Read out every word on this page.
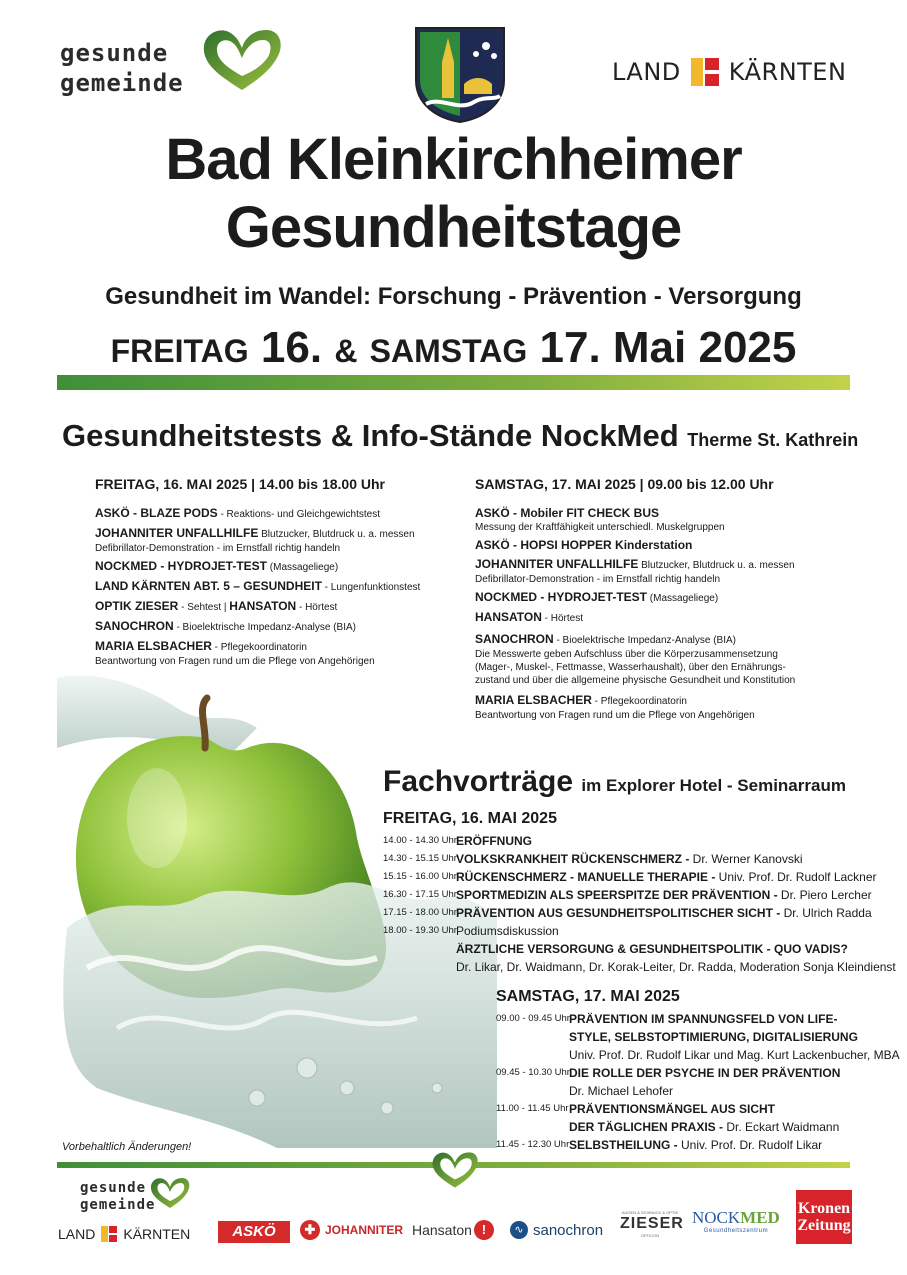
gesunde
gemeinde	LAND KÄRNTEN
Bad Kleinkirchheimer
Gesundheitstage
Gesundheit im Wandel: Forschung - Prävention - Versorgung
FREITAG 16. & SAMSTAG 17. Mai 2025
Gesundheitstests & Info-Stände NockMed Therme St. Kathrein
FREITAG, 16. MAI 2025 | 14.00 bis 18.00 Uhr
ASKÖ - BLAZE PODS - Reaktions- und Gleichgewichtstest
JOHANNITER UNFALLHILFE Blutzucker, Blutdruck u. a. messen
Defibrillator-Demonstration - im Ernstfall richtig handeln
NOCKMED - HYDROJET-TEST (Massageliege)
LAND KÄRNTEN ABT. 5 – GESUNDHEIT - Lungenfunktionstest
OPTIK ZIESER - Sehtest | HANSATON - Hörtest
SANOCHRON - Bioelektrische Impedanz-Analyse (BIA)
MARIA ELSBACHER - Pflegekoordinatorin
Beantwortung von Fragen rund um die Pflege von Angehörigen
SAMSTAG, 17. MAI 2025 | 09.00 bis 12.00 Uhr
ASKÖ - Mobiler FIT CHECK BUS
Messung der Kraftfähigkeit unterschiedl. Muskelgruppen
ASKÖ - HOPSI HOPPER Kinderstation
JOHANNITER UNFALLHILFE Blutzucker, Blutdruck u. a. messen
Defibrillator-Demonstration - im Ernstfall richtig handeln
NOCKMED - HYDROJET-TEST (Massageliege)
HANSATON - Hörtest
SANOCHRON - Bioelektrische Impedanz-Analyse (BIA)
Die Messwerte geben Aufschluss über die Körperzusammensetzung
(Mager-, Muskel-, Fettmasse, Wasserhaushalt), über den Ernährungs-
zustand und über die allgemeine physische Gesundheit und Konstitution
MARIA ELSBACHER - Pflegekoordinatorin
Beantwortung von Fragen rund um die Pflege von Angehörigen
Fachvorträge im Explorer Hotel - Seminarraum
FREITAG, 16. MAI 2025
14.00 - 14.30 Uhr ERÖFFNUNG
14.30 - 15.15 Uhr VOLKSKRANKHEIT RÜCKENSCHMERZ - Dr. Werner Kanovski
15.15 - 16.00 Uhr RÜCKENSCHMERZ - MANUELLE THERAPIE - Univ. Prof. Dr. Rudolf Lackner
16.30 - 17.15 Uhr SPORTMEDIZIN ALS SPEERSPITZE DER PRÄVENTION - Dr. Piero Lercher
17.15 - 18.00 Uhr PRÄVENTION AUS GESUNDHEITSPOLITISCHER SICHT - Dr. Ulrich Radda
18.00 - 19.30 Uhr Podiumsdiskussion
ÄRZTLICHE VERSORGUNG & GESUNDHEITSPOLITIK - QUO VADIS?
Dr. Likar, Dr. Waidmann, Dr. Korak-Leiter, Dr. Radda, Moderation Sonja Kleindienst
SAMSTAG, 17. MAI 2025
09.00 - 09.45 Uhr PRÄVENTION IM SPANNUNGSFELD VON LIFE-
STYLE, SELBSTOPTIMIERUNG, DIGITALISIERUNG
Univ. Prof. Dr. Rudolf Likar und Mag. Kurt Lackenbucher, MBA
09.45 - 10.30 Uhr DIE ROLLE DER PSYCHE IN DER PRÄVENTION
Dr. Michael Lehofer
11.00 - 11.45 Uhr PRÄVENTIONSMÄNGEL AUS SICHT
DER TÄGLICHEN PRAXIS - Dr. Eckart Waidmann
11.45 - 12.30 Uhr SELBSTHEILUNG - Univ. Prof. Dr. Rudolf Likar
Vorbehaltlich Änderungen!
gesunde
gemeinde
LAND KÄRNTEN	ASKÖ	✚ JOHANNITER Hansaton !	∿ sanochron
AUGEN & SCHMUCK & OPTIK
ZIESER
OPTICON
NOCKMED
Gesundheitszentrum
Kronen
Zeitung
